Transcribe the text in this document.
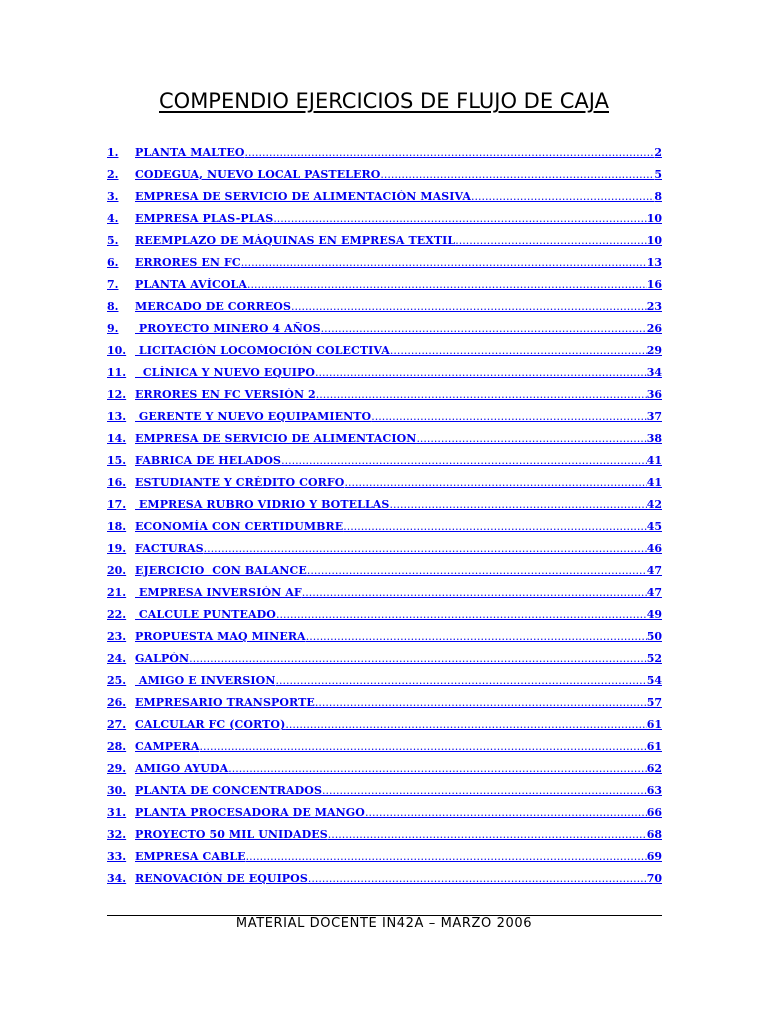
COMPENDIO EJERCICIOS DE FLUJO DE CAJA
1.	PLANTA MALTEO .....	2
2.	CODEGUA, NUEVO LOCAL PASTELERO .....	5
3.	EMPRESA DE SERVICIO DE ALIMENTACIÓN MASIVA .....	8
4.	EMPRESA PLAS-PLAS .....	10
5.	REEMPLAZO DE MÁQUINAS EN EMPRESA TEXTIL .....	10
6.	ERRORES EN FC .....	13
7.	PLANTA AVÍCOLA .....	16
8.	MERCADO DE CORREOS .....	23
9.	PROYECTO MINERO 4 AÑOS .....	26
10. LICITACIÓN LOCOMOCIÓN COLECTIVA .....	29
11. CLÍNICA Y NUEVO EQUIPO .....	34
12. ERRORES EN FC VERSIÓN 2 .....	36
13. GERENTE Y NUEVO EQUIPAMIENTO .....	37
14. EMPRESA DE SERVICIO DE ALIMENTACION .....	38
15. FABRICA DE HELADOS .....	41
16. ESTUDIANTE Y CRÉDITO CORFO .....	41
17. EMPRESA RUBRO VIDRIO Y BOTELLAS .....	42
18. ECONOMÍA CON CERTIDUMBRE .....	45
19. FACTURAS .....	46
20. EJERCICIO  CON BALANCE .....	47
21. EMPRESA INVERSIÓN AF .....	47
22. CALCULE PUNTEADO .....	49
23. PROPUESTA MAQ MINERA .....	50
24. GALPÓN .....	52
25. AMIGO E INVERSION .....	54
26. EMPRESARIO TRANSPORTE .....	57
27. CALCULAR FC (CORTO) .....	61
28. CAMPERA .....	61
29. AMIGO AYUDA .....	62
30. PLANTA DE CONCENTRADOS .....	63
31. PLANTA PROCESADORA DE MANGO .....	66
32. PROYECTO 50 MIL UNIDADES .....	68
33. EMPRESA CABLE .....	69
34. RENOVACIÓN DE EQUIPOS .....	70
MATERIAL DOCENTE IN42A – MARZO 2006
